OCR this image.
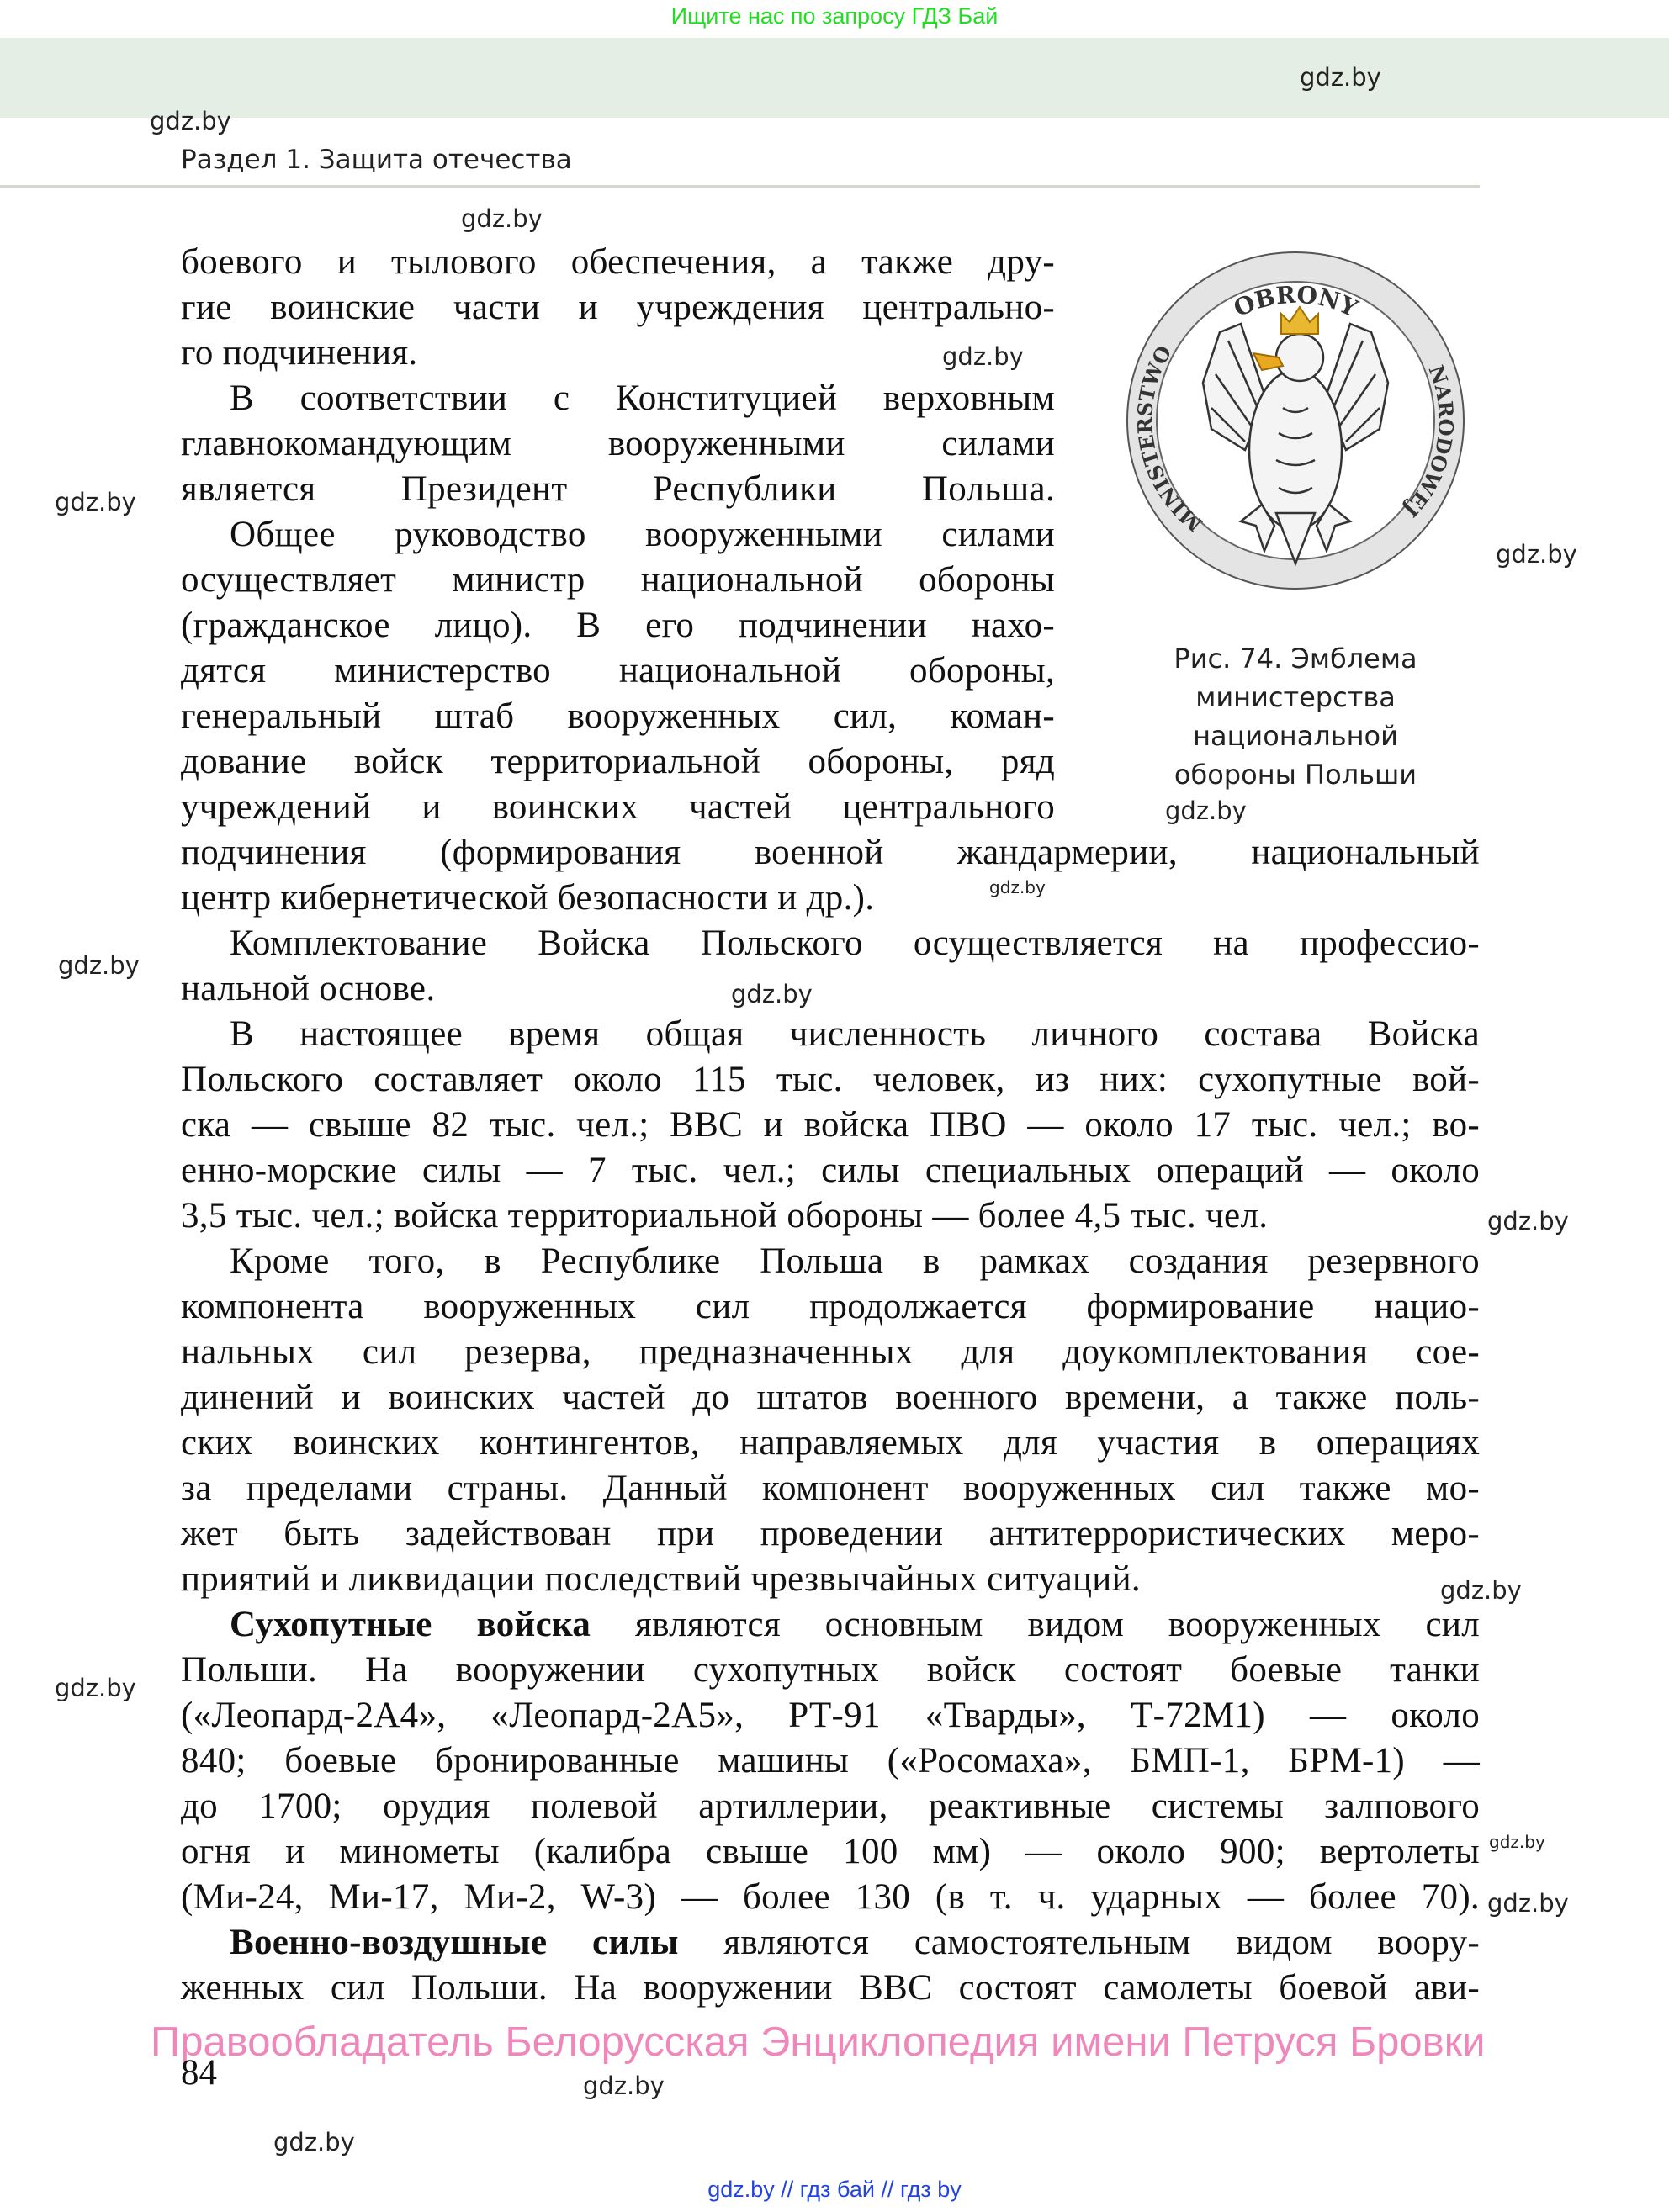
Ищите нас по запросу ГДЗ Бай
Раздел 1. Защита отечества
gdz.by
gdz.by
gdz.by
gdz.by
gdz.by
gdz.by
gdz.by
gdz.by
gdz.by
gdz.by
gdz.by
gdz.by
gdz.by
gdz.by
gdz.by
gdz.by
gdz.by
OBRONY
MINISTERSTWO
NARODOWEJ
Рис. 74. Эмблема
министерства
национальной
обороны Польши
боевого и тылового обеспечения, а также дру-
гие воинские части и учреждения центрально-
го подчинения.
В соответствии с Конституцией верховным
главнокомандующим вооруженными силами
является Президент Республики Польша.
Общее руководство вооруженными силами
осуществляет министр национальной обороны
(гражданское лицо). В его подчинении нахо-
дятся министерство национальной обороны,
генеральный штаб вооруженных сил, коман-
дование войск территориальной обороны, ряд
учреждений и воинских частей центрального
подчинения (формирования военной жандармерии, национальный
центр кибернетической безопасности и др.).
Комплектование Войска Польского осуществляется на профессио-
нальной основе.
В настоящее время общая численность личного состава Войска
Польского составляет около 115 тыс. человек, из них: сухопутные вой-
ска — свыше 82 тыс. чел.; ВВС и войска ПВО — около 17 тыс. чел.; во-
енно-морские силы — 7 тыс. чел.; силы специальных операций — около
3,5 тыс. чел.; войска территориальной обороны — более 4,5 тыс. чел.
Кроме того, в Республике Польша в рамках создания резервного
компонента вооруженных сил продолжается формирование нацио-
нальных сил резерва, предназначенных для доукомплектования сое-
динений и воинских частей до штатов военного времени, а также поль-
ских воинских контингентов, направляемых для участия в операциях
за пределами страны. Данный компонент вооруженных сил также мо-
жет быть задействован при проведении антитеррористических меро-
приятий и ликвидации последствий чрезвычайных ситуаций.
Сухопутные войска являются основным видом вооруженных сил
Польши. На вооружении сухопутных войск состоят боевые танки
(«Леопард-2А4», «Леопард-2А5», РТ-91 «Тварды», Т-72М1) — около
840; боевые бронированные машины («Росомаха», БМП-1, БРМ-1) —
до 1700; орудия полевой артиллерии, реактивные системы залпового
огня и минометы (калибра свыше 100 мм) — около 900; вертолеты
(Ми-24, Ми-17, Ми-2, W-3) — более 130 (в т. ч. ударных — более 70).
Военно-воздушные силы являются самостоятельным видом воору-
женных сил Польши. На вооружении ВВС состоят самолеты боевой ави-
Правообладатель Белорусская Энциклопедия имени Петруся Бровки
84
gdz.by // гдз бай // гдз by
